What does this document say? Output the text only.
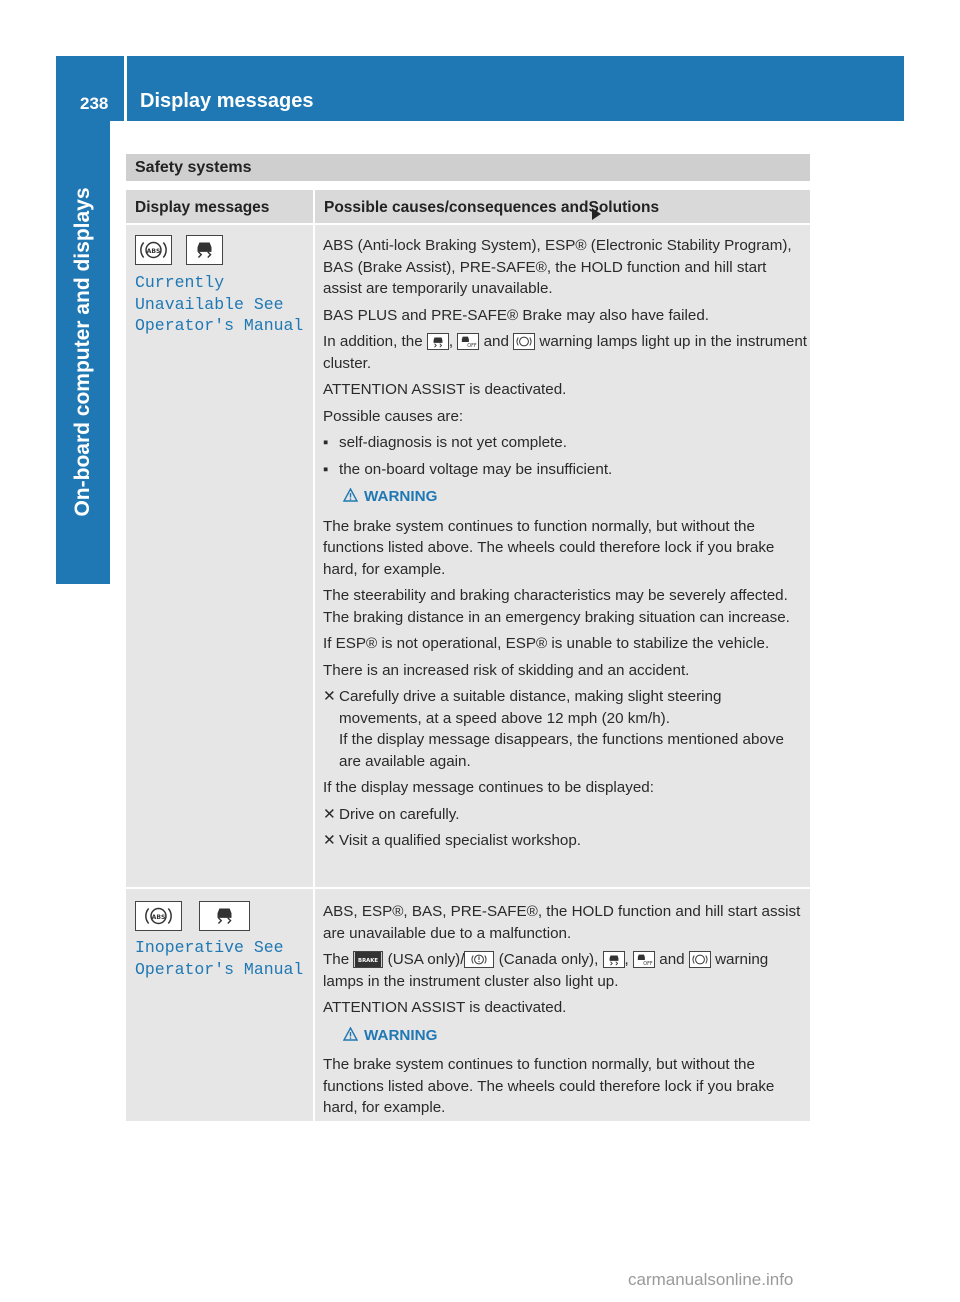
238 Display messages
On-board computer and displays
Safety systems
Display messages	Possible causes/consequences and
Solutions
ABS
Currently
Unavailable See
Operator's Manual

ABS (Anti-lock Braking System), ESP® (Electronic Stability Program), BAS (Brake Assist), PRE-SAFE®, the HOLD function and hill start assist are temporarily unavailable.

BAS PLUS and PRE-SAFE® Brake may also have failed.

In addition, the ,	OFF and warning lamps light up in the instrument cluster.

ATTENTION ASSIST is deactivated.

Possible causes are:

▪ self-diagnosis is not yet complete.
▪ the on-board voltage may be insufficient.

WARNING

The brake system continues to function normally, but without the functions listed above. The wheels could therefore lock if you brake hard, for example.

The steerability and braking characteristics may be severely affected. The braking distance in an emergency braking situation can increase.

If ESP® is not operational, ESP® is unable to stabilize the vehicle.

There is an increased risk of skidding and an accident.

✕ Carefully drive a suitable distance, making slight steering movements, at a speed above 12 mph (20 km/h).
If the display message disappears, the functions mentioned above are available again.

If the display message continues to be displayed:

✕ Drive on carefully.
✕ Visit a qualified specialist workshop.
ABS
Inoperative See
Operator's Manual

ABS, ESP®, BAS, PRE-SAFE®, the HOLD function and hill start assist are unavailable due to a malfunction.

The BRAKE (USA only)/ (Canada only), ,	OFF and warning lamps in the instrument cluster also light up.

ATTENTION ASSIST is deactivated.

WARNING

The brake system continues to function normally, but without the functions listed above. The wheels could therefore lock if you brake hard, for example.

carmanualsonline.info
